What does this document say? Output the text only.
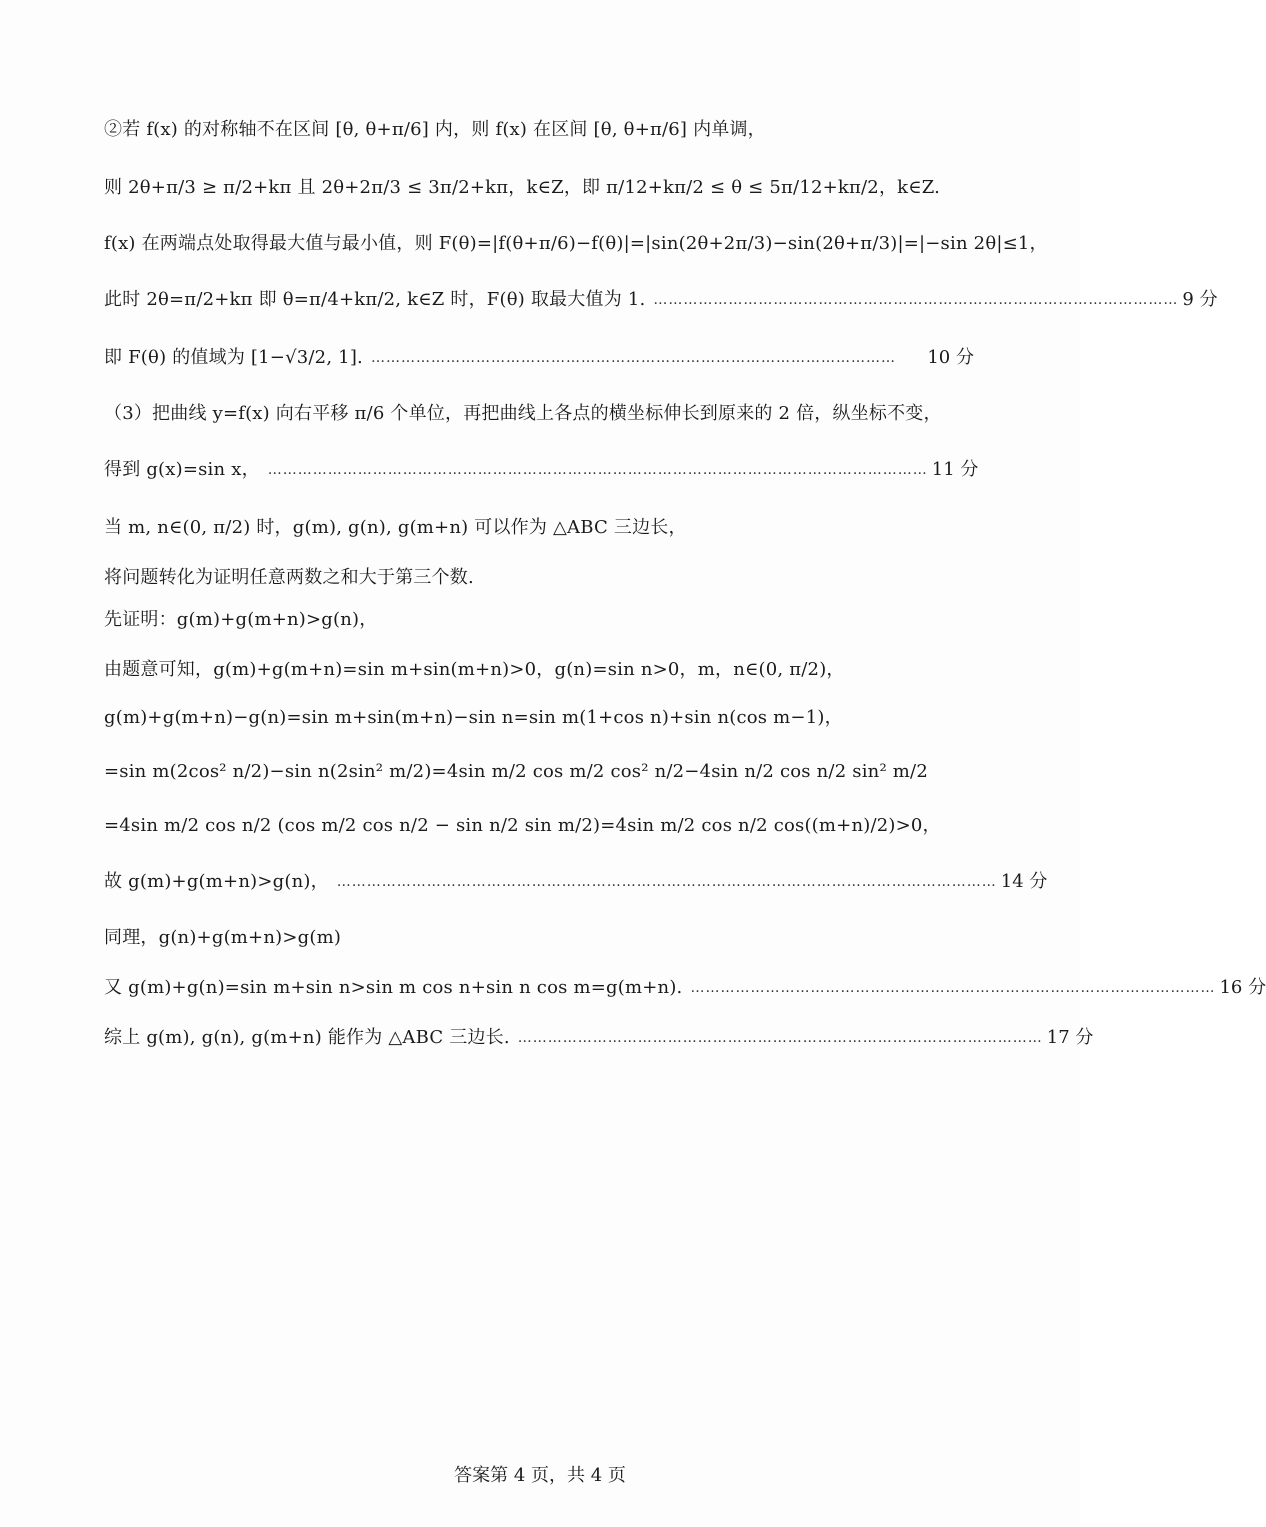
②若 f(x) 的对称轴不在区间 [θ, θ+π/6] 内，则 f(x) 在区间 [θ, θ+π/6] 内单调，
则 2θ+π/3 ≥ π/2+kπ 且 2θ+2π/3 ≤ 3π/2+kπ，k∈Z，即 π/12+kπ/2 ≤ θ ≤ 5π/12+kπ/2，k∈Z.
f(x) 在两端点处取得最大值与最小值，则 F(θ)=|f(θ+π/6)−f(θ)|=|sin(2θ+2π/3)−sin(2θ+π/3)|=|−sin 2θ|≤1，
此时 2θ=π/2+kπ 即 θ=π/4+kπ/2, k∈Z 时，F(θ) 取最大值为 1. …………………………………………………………………………………………… 9 分
即 F(θ) 的值域为 [1−√3/2, 1]. ……………………………………………………………………………………………	10 分
（3）把曲线 y=f(x) 向右平移 π/6 个单位，再把曲线上各点的横坐标伸长到原来的 2 倍，纵坐标不变，
得到 g(x)=sin x， …………………………………………………………………………………………………………………… 11 分
当 m, n∈(0, π/2) 时，g(m), g(n), g(m+n) 可以作为 △ABC 三边长，
将问题转化为证明任意两数之和大于第三个数.
先证明：g(m)+g(m+n)>g(n)，
由题意可知，g(m)+g(m+n)=sin m+sin(m+n)>0，g(n)=sin n>0，m，n∈(0, π/2)，
g(m)+g(m+n)−g(n)=sin m+sin(m+n)−sin n=sin m(1+cos n)+sin n(cos m−1)，
=sin m(2cos² n/2)−sin n(2sin² m/2)=4sin m/2 cos m/2 cos² n/2−4sin n/2 cos n/2 sin² m/2
=4sin m/2 cos n/2 (cos m/2 cos n/2 − sin n/2 sin m/2)=4sin m/2 cos n/2 cos((m+n)/2)>0，
故 g(m)+g(m+n)>g(n)， …………………………………………………………………………………………………………………… 14 分
同理，g(n)+g(m+n)>g(m)
又 g(m)+g(n)=sin m+sin n>sin m cos n+sin n cos m=g(m+n). …………………………………………………………………………………………… 16 分
综上 g(m), g(n), g(m+n) 能作为 △ABC 三边长. …………………………………………………………………………………………… 17 分
答案第 4 页，共 4 页
